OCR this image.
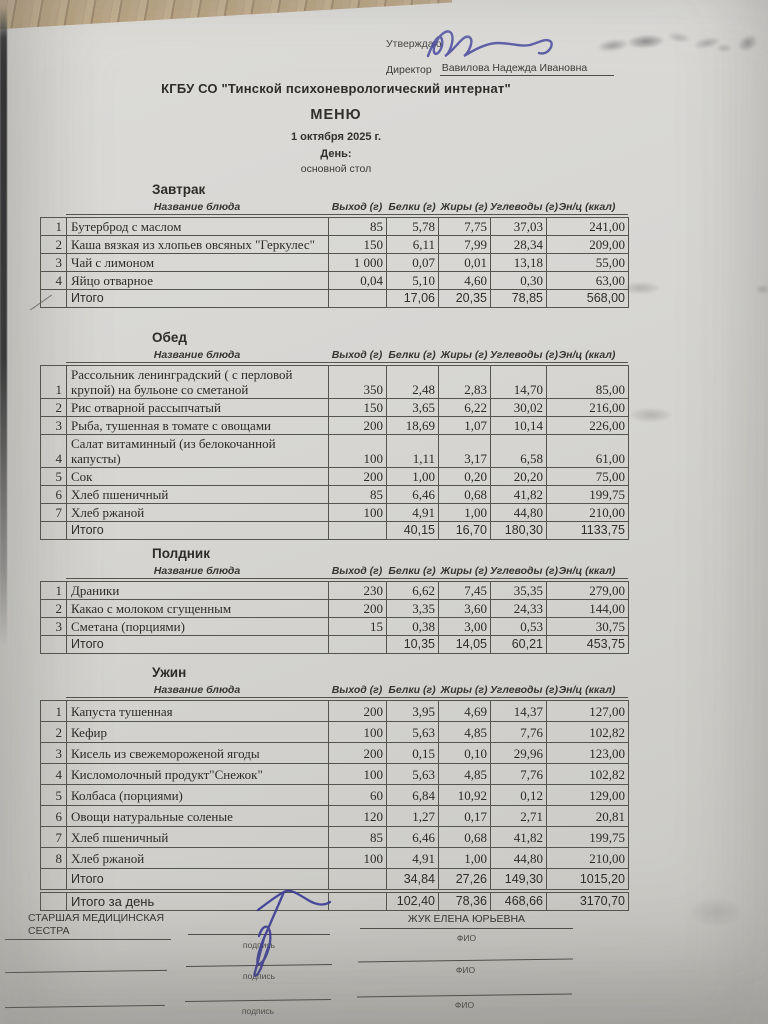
Утверждаю
Директор Вавилова Надежда Ивановна
КГБУ СО "Тинской психоневрологический интернат"
МЕНЮ
1 октября 2025 г.
День:
основной стол
Завтрак
Название блюда	Выход (г) Белки (г) Жиры (г) Углеводы (г) Эн/ц (ккал)
1	Бутерброд с маслом	85	5,78	7,75	37,03	241,00
2	Каша вязкая из хлопьев овсяных "Геркулес"	150	6,11	7,99	28,34	209,00
3	Чай с лимоном	1 000	0,07	0,01	13,18	55,00
4	Яйцо отварное	0,04	5,10	4,60	0,30	63,00
	Итого		17,06	20,35	78,85	568,00
Обед
Название блюда	Выход (г) Белки (г) Жиры (г) Углеводы (г) Эн/ц (ккал)
1	Рассольник ленинградский ( с перловой крупой) на бульоне со сметаной	350	2,48	2,83	14,70	85,00
2	Рис отварной рассыпчатый	150	3,65	6,22	30,02	216,00
3	Рыба, тушенная в томате с овощами	200	18,69	1,07	10,14	226,00
4	Салат витаминный (из белокочанной капусты)	100	1,11	3,17	6,58	61,00
5	Сок	200	1,00	0,20	20,20	75,00
6	Хлеб пшеничный	85	6,46	0,68	41,82	199,75
7	Хлеб ржаной	100	4,91	1,00	44,80	210,00
	Итого		40,15	16,70	180,30	1133,75
Полдник
Название блюда	Выход (г) Белки (г) Жиры (г) Углеводы (г) Эн/ц (ккал)
1	Драники	230	6,62	7,45	35,35	279,00
2	Какао с молоком сгущенным	200	3,35	3,60	24,33	144,00
3	Сметана (порциями)	15	0,38	3,00	0,53	30,75
	Итого		10,35	14,05	60,21	453,75
Ужин
Название блюда	Выход (г) Белки (г) Жиры (г) Углеводы (г) Эн/ц (ккал)
1	Капуста тушенная	200	3,95	4,69	14,37	127,00
2	Кефир	100	5,63	4,85	7,76	102,82
3	Кисель из свежемороженой ягоды	200	0,15	0,10	29,96	123,00
4	Кисломолочный продукт"Снежок"	100	5,63	4,85	7,76	102,82
5	Колбаса (порциями)	60	6,84	10,92	0,12	129,00
6	Овощи натуральные соленые	120	1,27	0,17	2,71	20,81
7	Хлеб пшеничный	85	6,46	0,68	41,82	199,75
8	Хлеб ржаной	100	4,91	1,00	44,80	210,00
	Итого		34,84	27,26	149,30	1015,20
	Итого за день		102,40	78,36	468,66	3170,70
СТАРШАЯ МЕДИЦИНСКАЯ СЕСТРА
подпись
ЖУК ЕЛЕНА ЮРЬЕВНА
ФИО
подпись
ФИО
подпись
ФИО
